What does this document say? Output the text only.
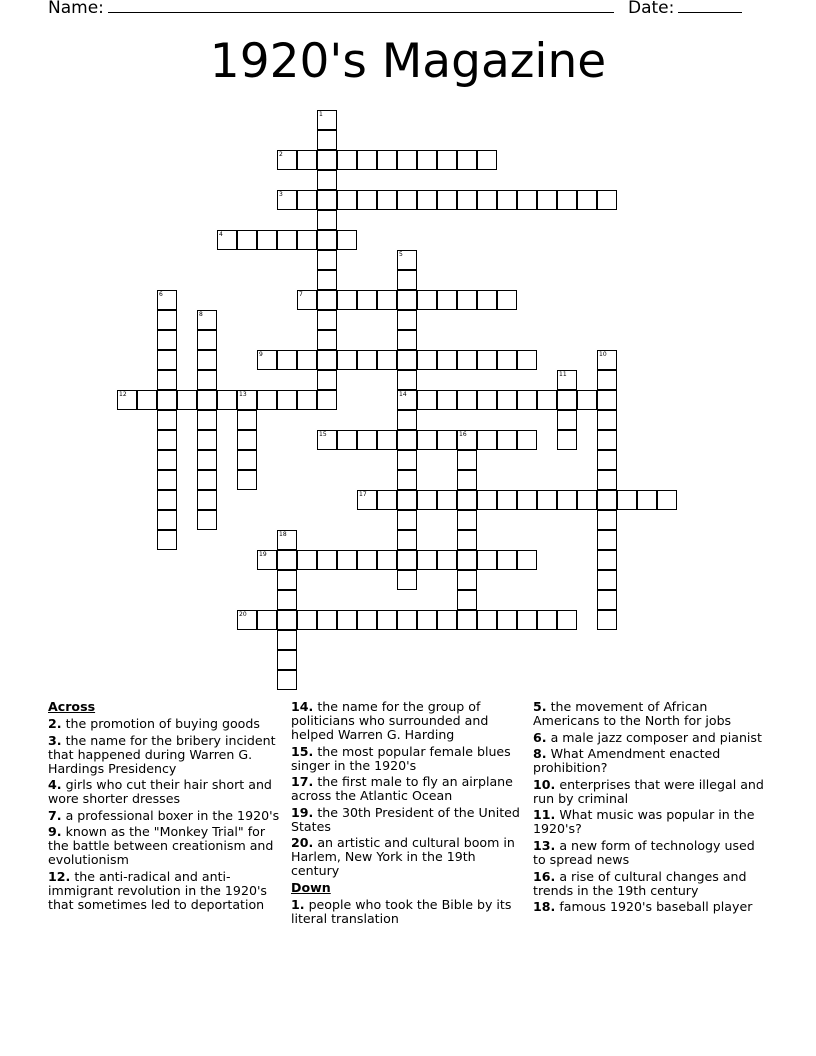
Name:	Date:
1920's Magazine
1
2
3
4
5
6	7
8
9	10
11
12	13	14
15	16
17
18
19
20
Across
2. the promotion of buying goods
3. the name for the bribery incident that happened during Warren G. Hardings Presidency
4. girls who cut their hair short and wore shorter dresses
7. a professional boxer in the 1920's
9. known as the "Monkey Trial" for the battle between creationism and evolutionism
12. the anti-radical and anti-immigrant revolution in the 1920's that sometimes led to deportation
14. the name for the group of politicians who surrounded and helped Warren G. Harding
15. the most popular female blues singer in the 1920's
17. the first male to fly an airplane across the Atlantic Ocean
19. the 30th President of the United States
20. an artistic and cultural boom in Harlem, New York in the 19th century
Down
1. people who took the Bible by its literal translation
5. the movement of African Americans to the North for jobs
6. a male jazz composer and pianist
8. What Amendment enacted prohibition?
10. enterprises that were illegal and run by criminal
11. What music was popular in the 1920's?
13. a new form of technology used to spread news
16. a rise of cultural changes and trends in the 19th century
18. famous 1920's baseball player
